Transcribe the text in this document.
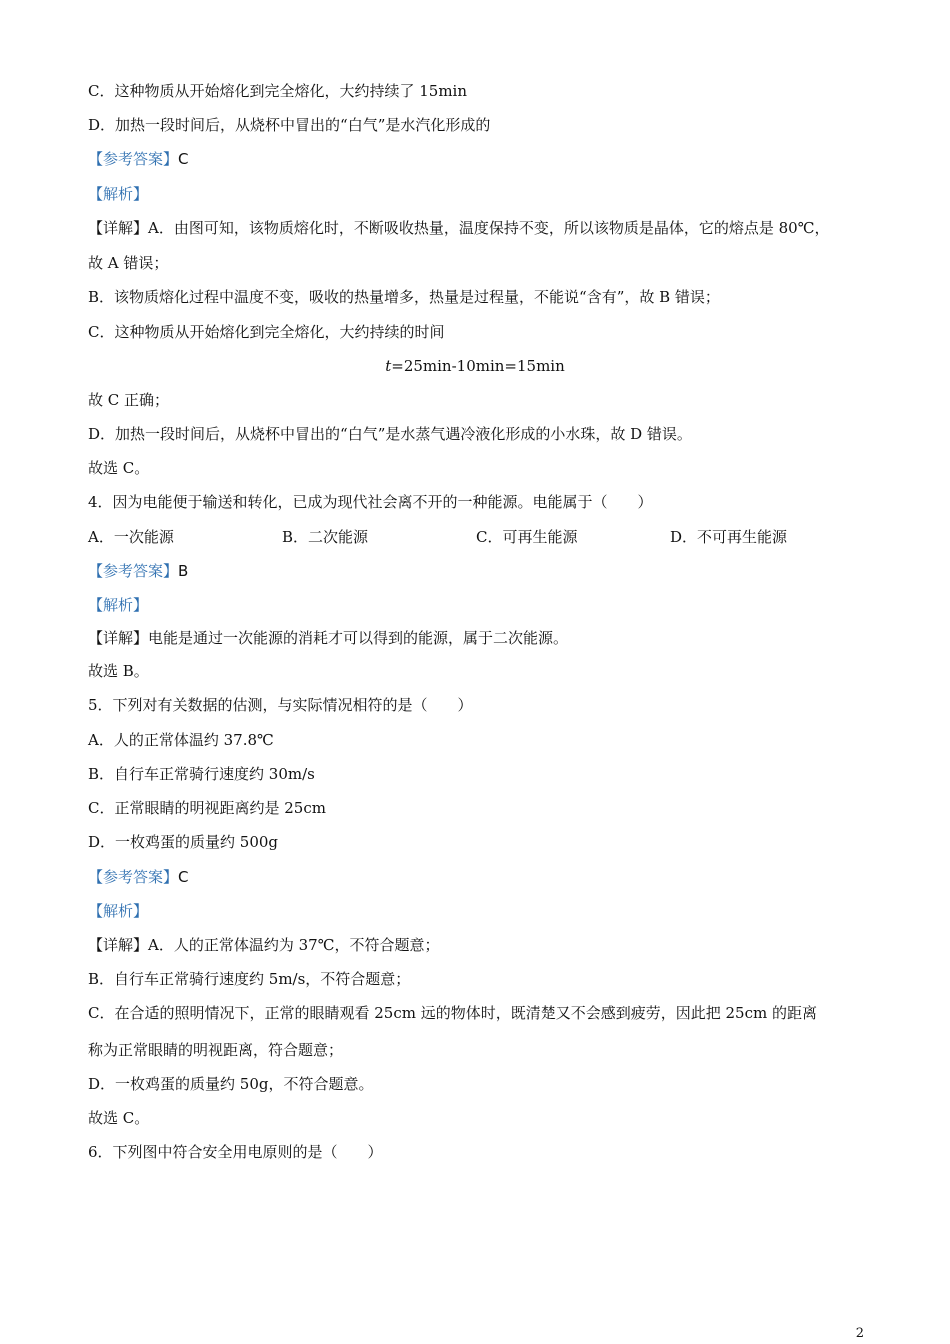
C．这种物质从开始熔化到完全熔化，大约持续了 15min
D．加热一段时间后，从烧杯中冒出的“白气”是水汽化形成的
【参考答案】C
【解析】
【详解】A．由图可知，该物质熔化时，不断吸收热量，温度保持不变，所以该物质是晶体，它的熔点是 80℃，
故 A 错误；
B．该物质熔化过程中温度不变，吸收的热量增多，热量是过程量，不能说“含有”，故 B 错误；
C．这种物质从开始熔化到完全熔化，大约持续的时间
t=25min-10min=15min
故 C 正确；
D．加热一段时间后，从烧杯中冒出的“白气”是水蒸气遇冷液化形成的小水珠，故 D 错误。
故选 C。
4．因为电能便于输送和转化，已成为现代社会离不开的一种能源。电能属于（　　）
A．一次能源	B．二次能源	C．可再生能源	D．不可再生能源
【参考答案】B
【解析】
【详解】电能是通过一次能源的消耗才可以得到的能源，属于二次能源。
故选 B。
5．下列对有关数据的估测，与实际情况相符的是（　　）
A．人的正常体温约 37.8℃
B．自行车正常骑行速度约 30m/s
C．正常眼睛的明视距离约是 25cm
D．一枚鸡蛋的质量约 500g
【参考答案】C
【解析】
【详解】A．人的正常体温约为 37℃，不符合题意；
B．自行车正常骑行速度约 5m/s，不符合题意；
C．在合适的照明情况下，正常的眼睛观看 25cm 远的物体时，既清楚又不会感到疲劳，因此把 25cm 的距离
称为正常眼睛的明视距离，符合题意；
D．一枚鸡蛋的质量约 50g，不符合题意。
故选 C。
6．下列图中符合安全用电原则的是（　　）
2
